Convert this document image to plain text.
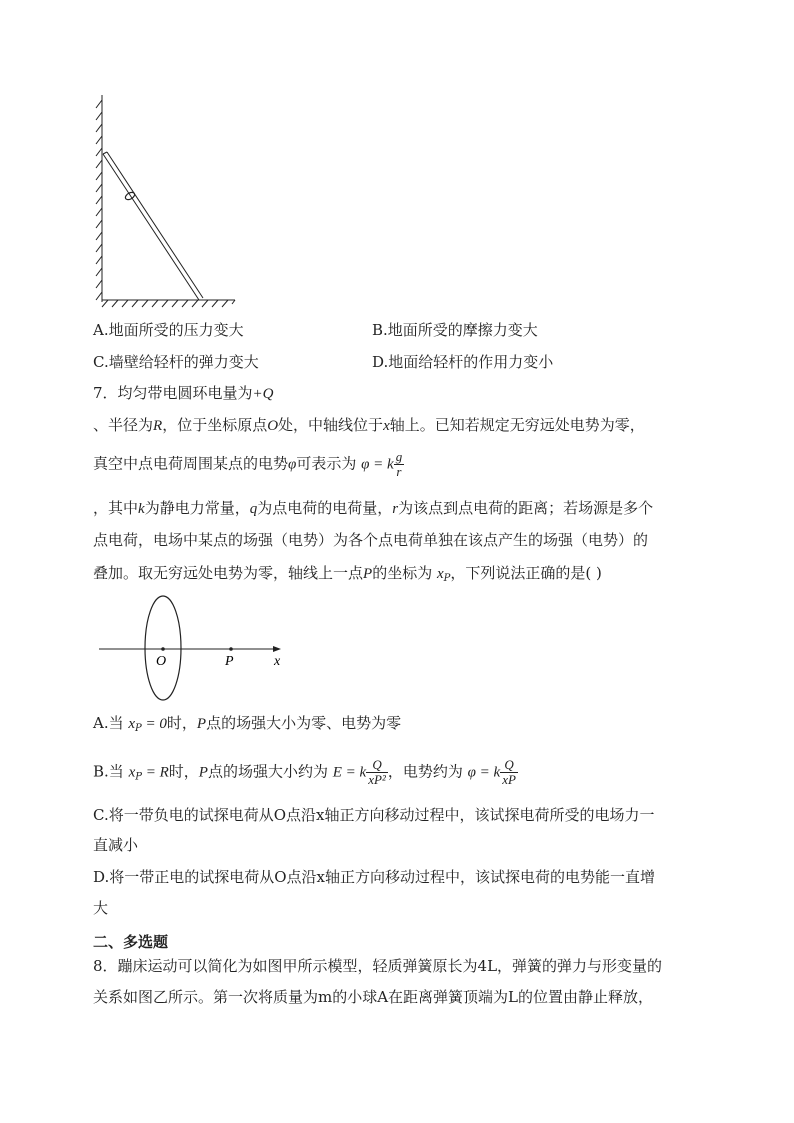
A.地面所受的压力变大	B.地面所受的摩擦力变大
C.墙壁给轻杆的弹力变大	D.地面给轻杆的作用力变小
7．均匀带电圆环电量为+Q
、半径为R，位于坐标原点O处，中轴线位于x轴上。已知若规定无穷远处电势为零，
真空中点电荷周围某点的电势φ可表示为 φ = k $\frac{g}{r}$
，其中k为静电力常量，q为点电荷的电荷量，r为该点到点电荷的距离；若场源是多个
点电荷，电场中某点的场强（电势）为各个点电荷单独在该点产生的场强（电势）的
叠加。取无穷远处电势为零，轴线上一点P的坐标为 $x_P$，下列说法正确的是( )
O	P	x
A.当 $x_P = 0$时，P点的场强大小为零、电势为零
B.当 $x_P = R$时，P点的场强大小约为 E = k $\frac{Q}{\text{xP²}}$ ，电势约为 φ = k $\frac{Q}{xP}$
C.将一带负电的试探电荷从O点沿x轴正方向移动过程中，该试探电荷所受的电场力一
直减小
D.将一带正电的试探电荷从O点沿x轴正方向移动过程中，该试探电荷的电势能一直增
大
二、多选题
8．蹦床运动可以简化为如图甲所示模型，轻质弹簧原长为4L，弹簧的弹力与形变量的
关系如图乙所示。第一次将质量为m的小球A在距离弹簧顶端为L的位置由静止释放，
